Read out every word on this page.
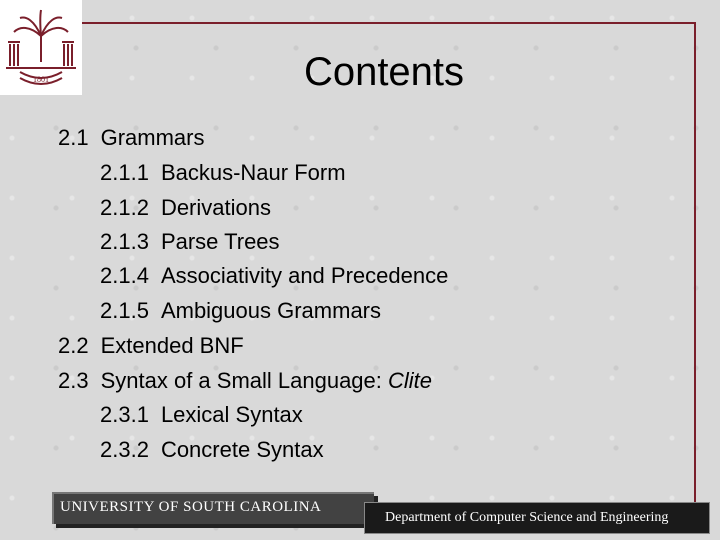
1801	Contents
2.1 Grammars
2.1.1 Backus-Naur Form
2.1.2 Derivations
2.1.3 Parse Trees
2.1.4 Associativity and Precedence
2.1.5 Ambiguous Grammars
2.2 Extended BNF
2.3 Syntax of a Small Language: Clite
2.3.1 Lexical Syntax
2.3.2 Concrete Syntax
UNIVERSITY OF SOUTH CAROLINA
Department of Computer Science and Engineering
